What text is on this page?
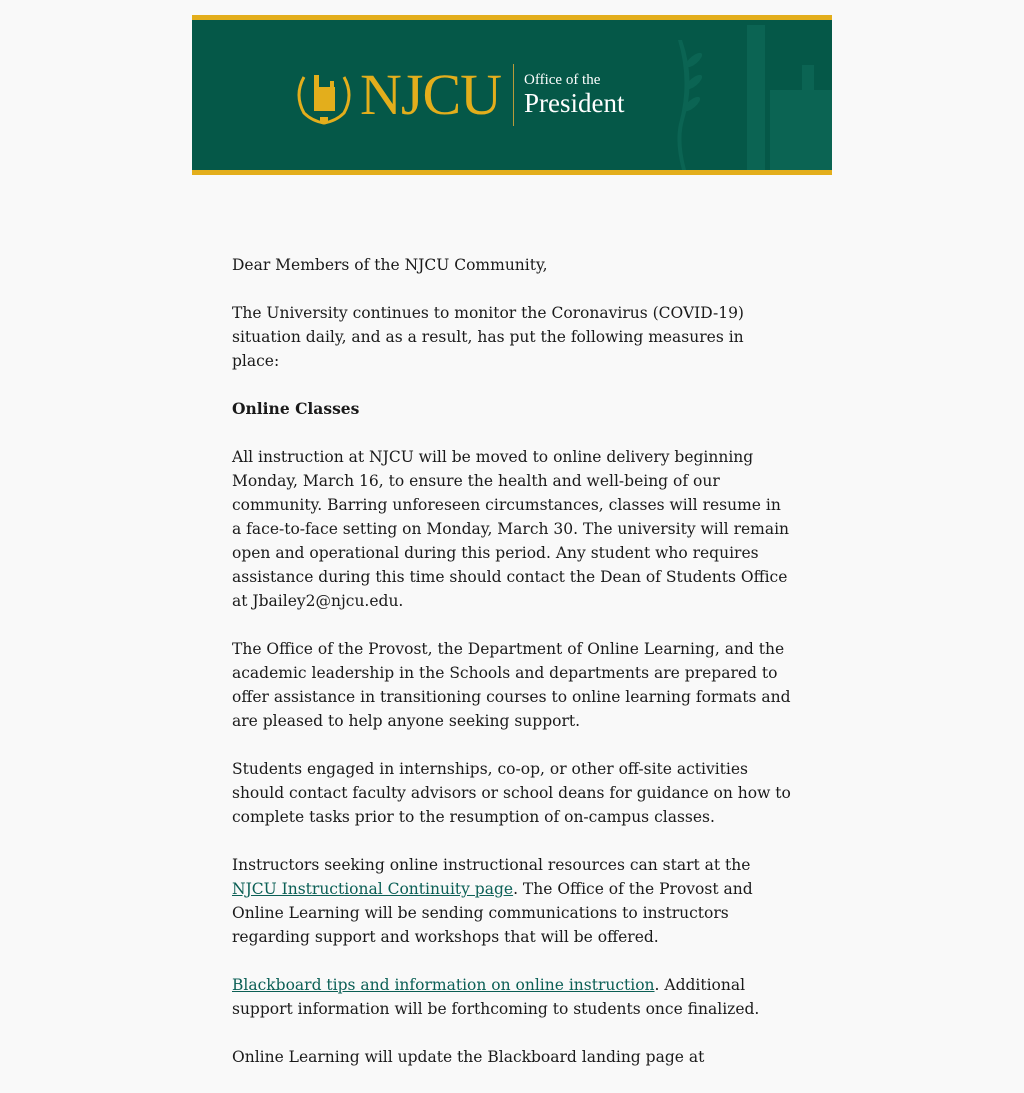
NJCU Office of the
President

Dear Members of the NJCU Community,

The University continues to monitor the Coronavirus (COVID-19) situation daily, and as a result, has put the following measures in place:

Online Classes

All instruction at NJCU will be moved to online delivery beginning Monday, March 16, to ensure the health and well-being of our community. Barring unforeseen circumstances, classes will resume in a face-to-face setting on Monday, March 30. The university will remain open and operational during this period. Any student who requires assistance during this time should contact the Dean of Students Office at Jbailey2@njcu.edu.

The Office of the Provost, the Department of Online Learning, and the academic leadership in the Schools and departments are prepared to offer assistance in transitioning courses to online learning formats and are pleased to help anyone seeking support.

Students engaged in internships, co-op, or other off-site activities should contact faculty advisors or school deans for guidance on how to complete tasks prior to the resumption of on-campus classes.

Instructors seeking online instructional resources can start at the NJCU Instructional Continuity page. The Office of the Provost and Online Learning will be sending communications to instructors regarding support and workshops that will be offered.

Blackboard tips and information on online instruction. Additional support information will be forthcoming to students once finalized.

Online Learning will update the Blackboard landing page at
